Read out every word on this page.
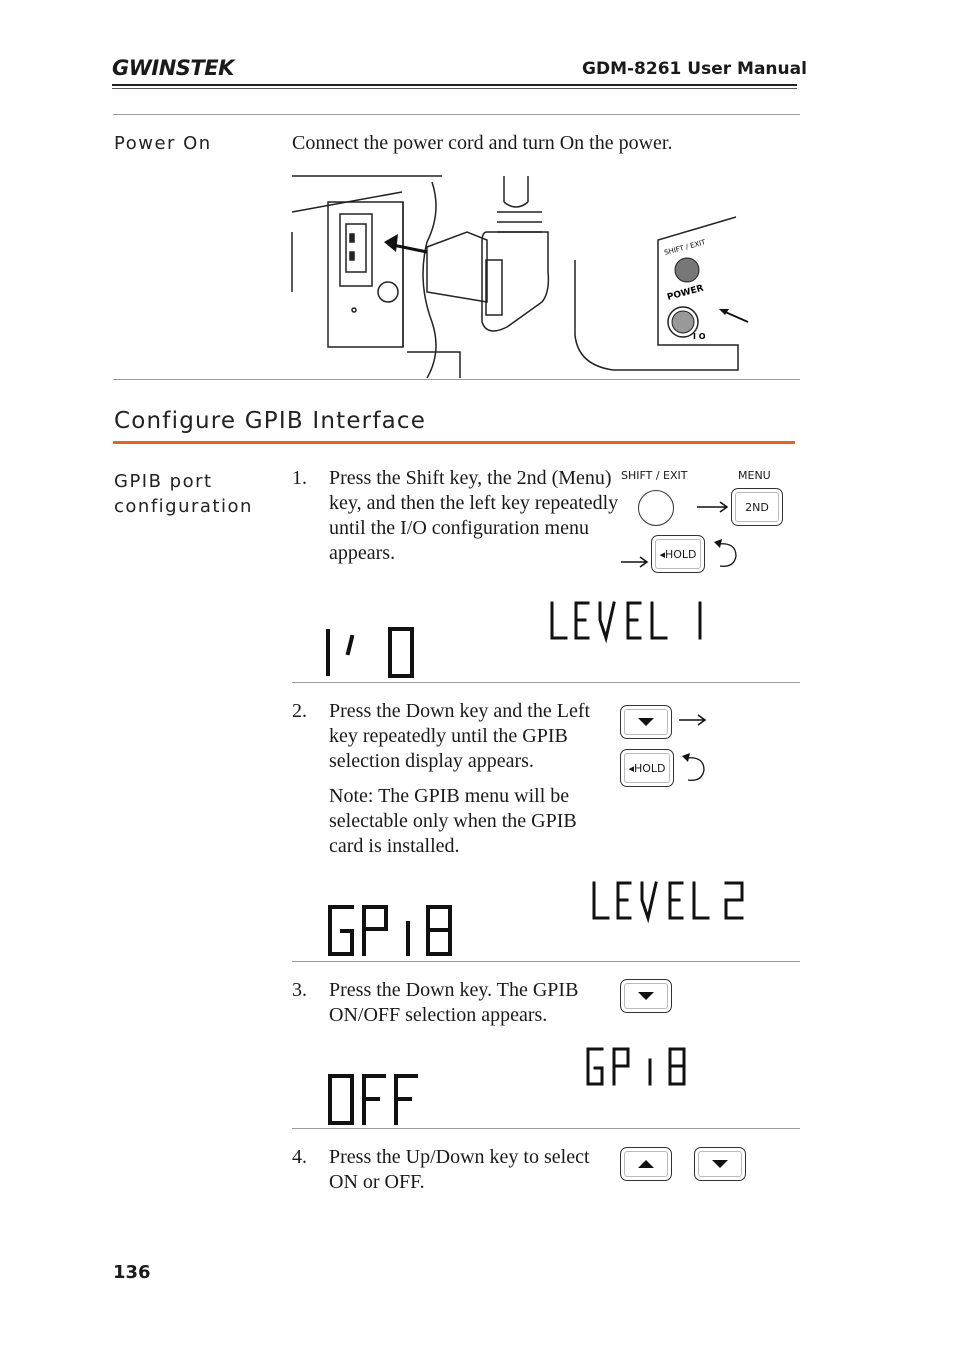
GWINSTEK	GDM-8261 User Manual
Power On	Connect the power cord and turn On the power.
SHIFT / EXIT
POWER
I O
Configure GPIB Interface
GPIB port
configuration
1. Press the Shift key, the 2nd (Menu) key, and then the left key repeatedly until the I/O configuration menu appears.
SHIFT / EXIT	MENU
2ND
◂HOLD
2. Press the Down key and the Left key repeatedly until the GPIB selection display appears.
Note: The GPIB menu will be selectable only when the GPIB card is installed.
◂HOLD
3. Press the Down key. The GPIB ON/OFF selection appears.
4. Press the Up/Down key to select ON or OFF.
136
